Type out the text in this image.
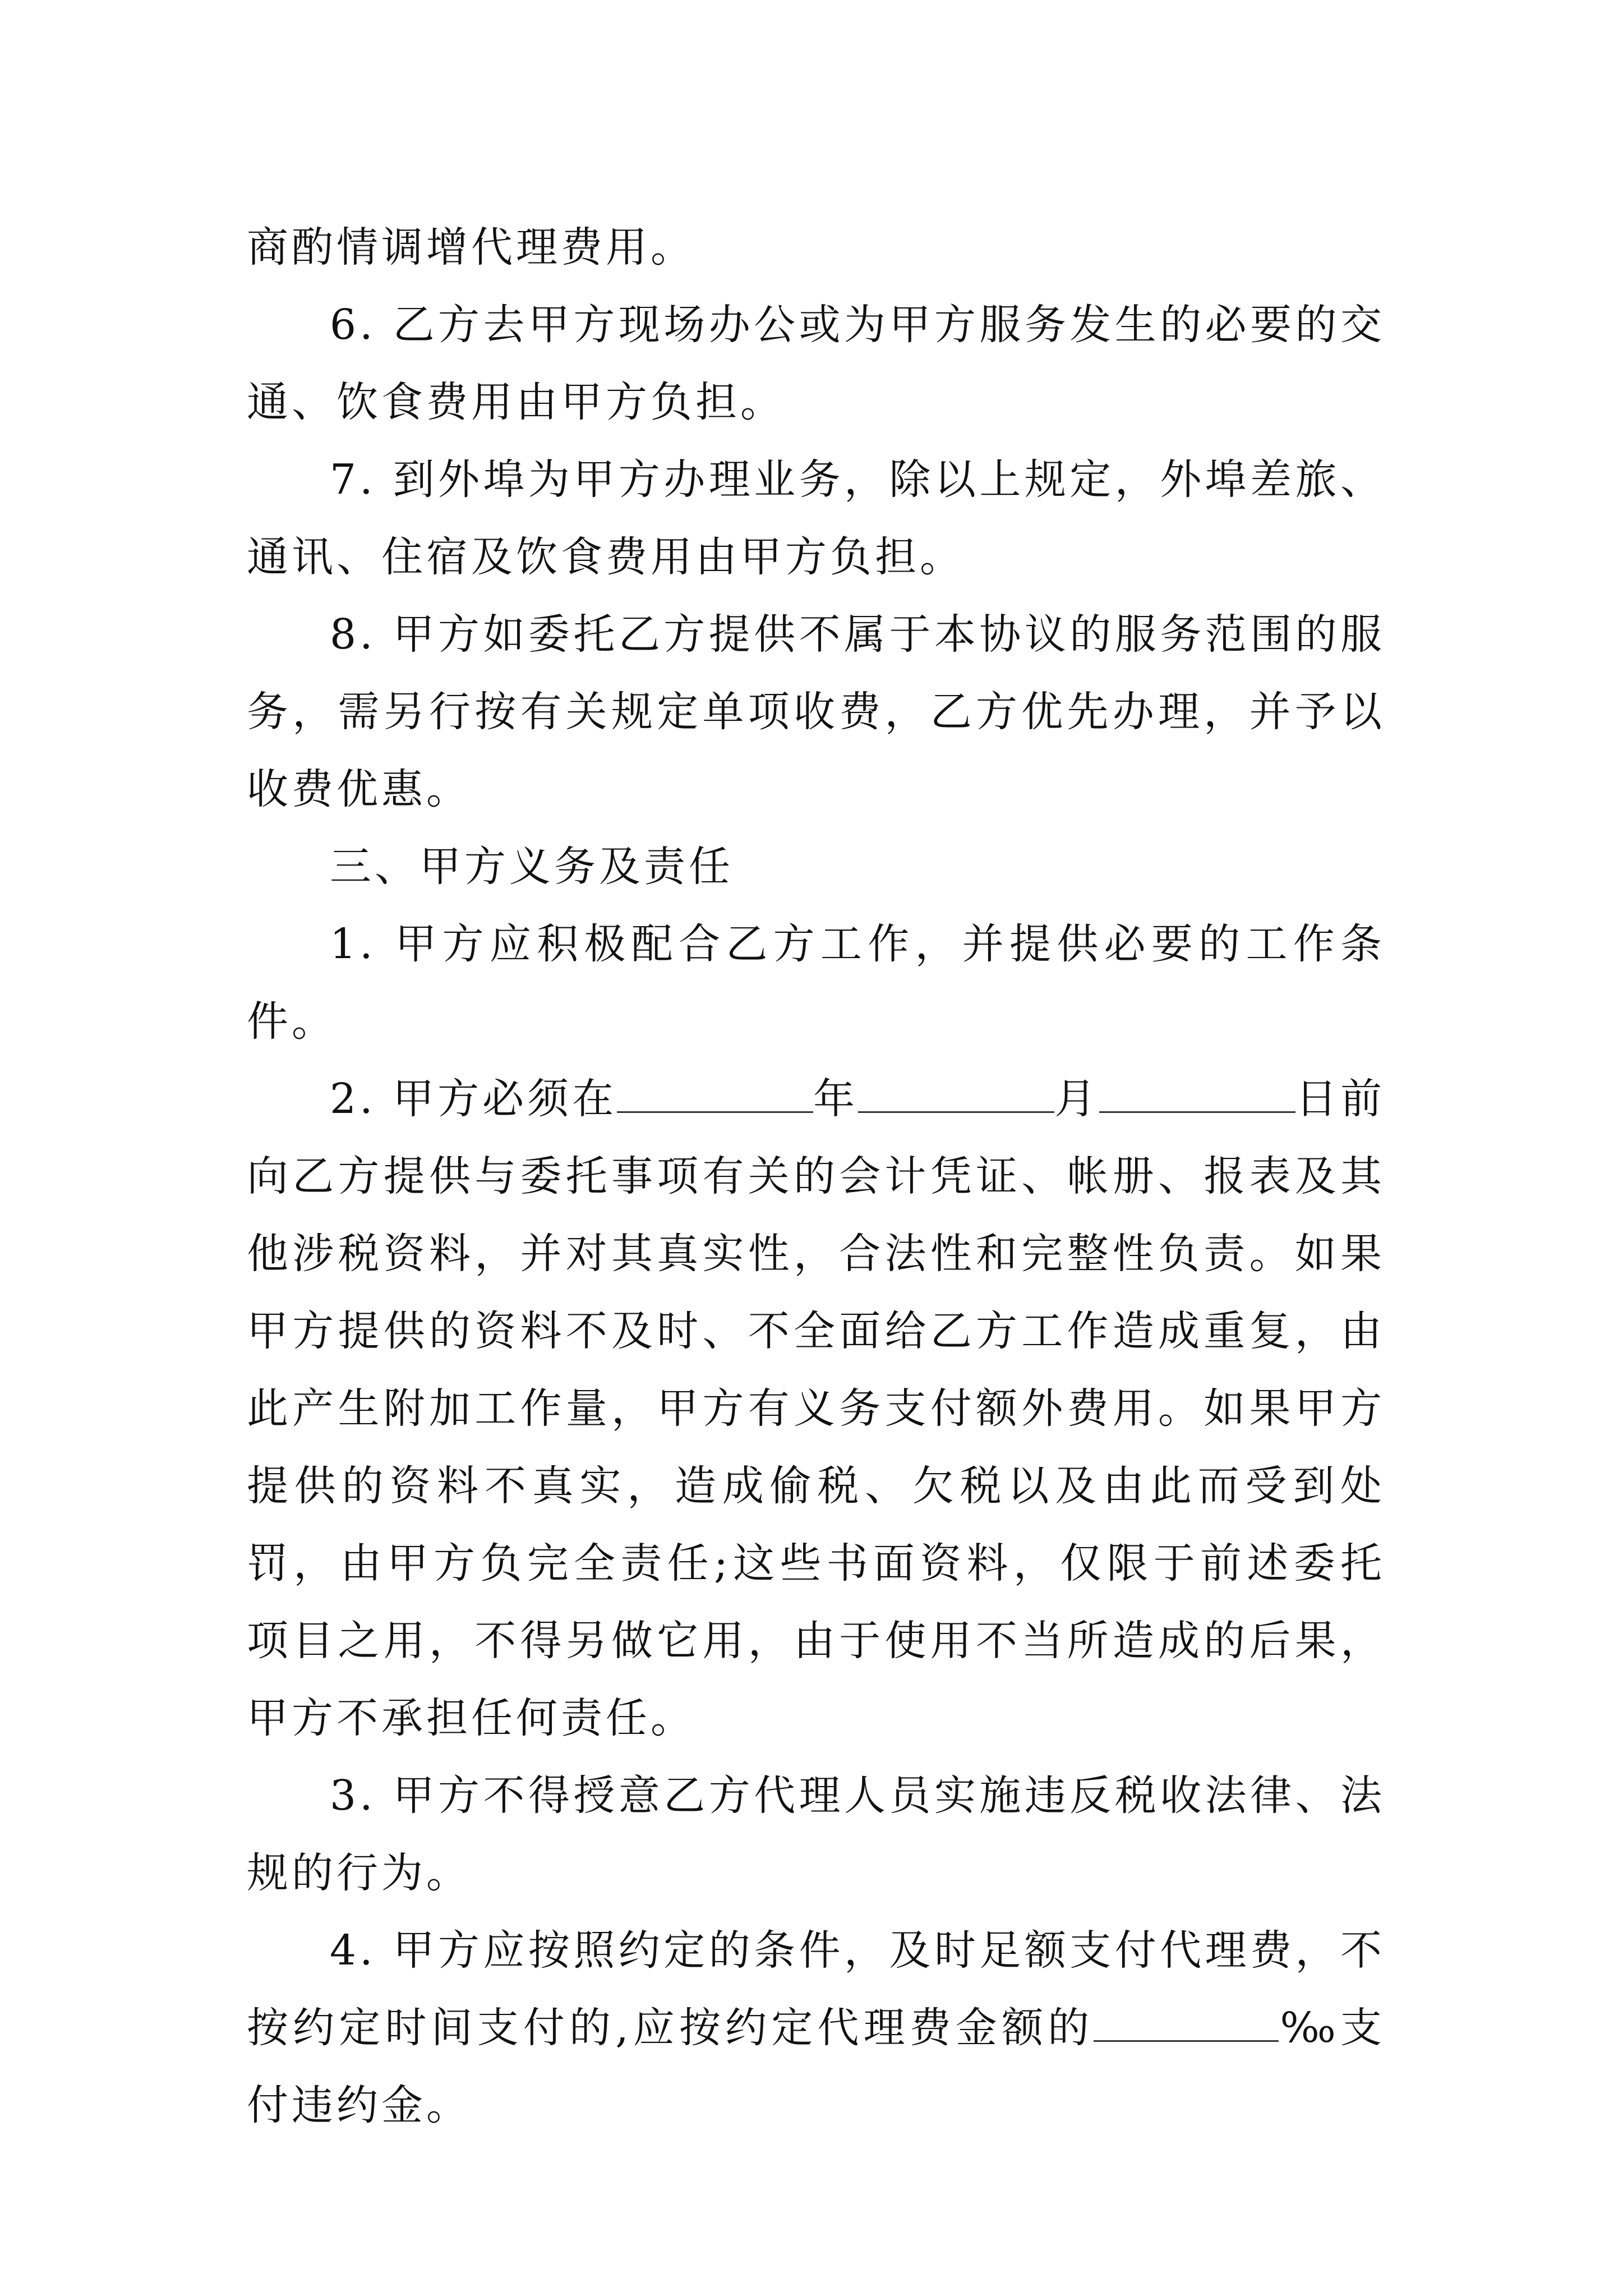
商酌情调增代理费用。

6. 乙方去甲方现场办公或为甲方服务发生的必要的交通、饮食费用由甲方负担。

7. 到外埠为甲方办理业务，除以上规定，外埠差旅、通讯、住宿及饮食费用由甲方负担。

8. 甲方如委托乙方提供不属于本协议的服务范围的服务，需另行按有关规定单项收费，乙方优先办理，并予以收费优惠。

三、甲方义务及责任

1. 甲方应积极配合乙方工作，并提供必要的工作条件。

2. 甲方必须在	年	月	日前

向乙方提供与委托事项有关的会计凭证、帐册、报表及其他涉税资料，并对其真实性，合法性和完整性负责。如果甲方提供的资料不及时、不全面给乙方工作造成重复，由此产生附加工作量，甲方有义务支付额外费用。如果甲方提供的资料不真实，造成偷税、欠税以及由此而受到处罚，由甲方负完全责任;这些书面资料，仅限于前述委托项目之用，不得另做它用，由于使用不当所造成的后果，甲方不承担任何责任。

3. 甲方不得授意乙方代理人员实施违反税收法律、法规的行为。

4. 甲方应按照约定的条件，及时足额支付代理费，不按约定时间支付的,应按约定代理费金额的	‰支付违约金。
